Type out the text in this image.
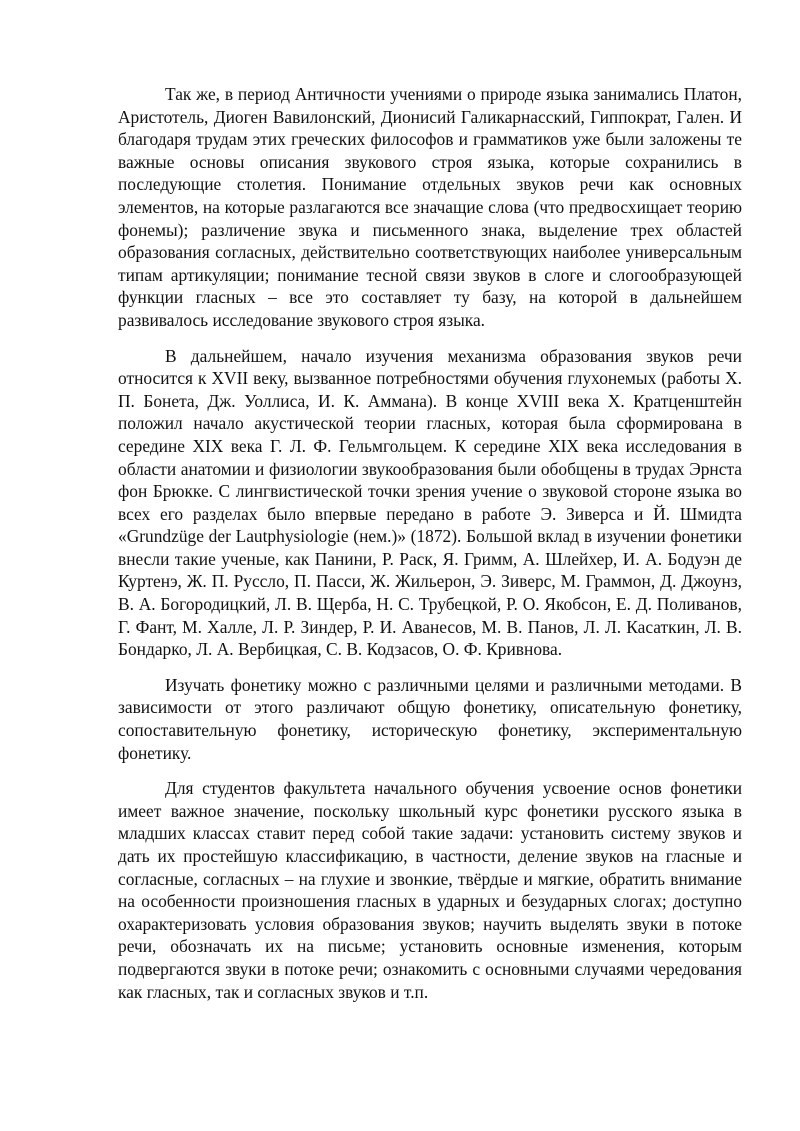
Так же, в период Античности учениями о природе языка занимались Платон, Аристотель, Диоген Вавилонский, Дионисий Галикарнасский, Гиппократ, Гален. И благодаря трудам этих греческих философов и грамматиков уже были заложены те важные основы описания звукового строя языка, которые сохранились в последующие столетия. Понимание отдельных звуков речи как основных элементов, на которые разлагаются все значащие слова (что предвосхищает теорию фонемы); различение звука и письменного знака, выделение трех областей образования согласных, действительно соответствующих наиболее универсальным типам артикуляции; понимание тесной связи звуков в слоге и слогообразующей функции гласных – все это составляет ту базу, на которой в дальнейшем развивалось исследование звукового строя языка.

В дальнейшем, начало изучения механизма образования звуков речи относится к XVII веку, вызванное потребностями обучения глухонемых (работы Х. П. Бонета, Дж. Уоллиса, И. К. Аммана). В конце XVIII века Х. Кратценштейн положил начало акустической теории гласных, которая была сформирована в середине XIX века Г. Л. Ф. Гельмгольцем. К середине XIX века исследования в области анатомии и физиологии звукообразования были обобщены в трудах Эрнста фон Брюкке. С лингвистической точки зрения учение о звуковой стороне языка во всех его разделах было впервые передано в работе Э. Зиверса и Й. Шмидта «Grundzüge der Lautphysiologie (нем.)» (1872). Большой вклад в изучении фонетики внесли такие ученые, как Панини, Р. Раск, Я. Гримм, А. Шлейхер, И. А. Бодуэн де Куртенэ, Ж. П. Руссло, П. Пасси, Ж. Жильерон, Э. Зиверс, М. Граммон, Д. Джоунз, В. А. Богородицкий, Л. В. Щерба, Н. С. Трубецкой, Р. О. Якобсон, Е. Д. Поливанов, Г. Фант, М. Халле, Л. Р. Зиндер, Р. И. Аванесов, М. В. Панов, Л. Л. Касаткин, Л. В. Бондарко, Л. А. Вербицкая, С. В. Кодзасов, О. Ф. Кривнова.

Изучать фонетику можно с различными целями и различными методами. В зависимости от этого различают общую фонетику, описательную фонетику, сопоставительную фонетику, историческую фонетику, экспериментальную фонетику.

Для студентов факультета начального обучения усвоение основ фонетики имеет важное значение, поскольку школьный курс фонетики русского языка в младших классах ставит перед собой такие задачи: установить систему звуков и дать их простейшую классификацию, в частности, деление звуков на гласные и согласные, согласных – на глухие и звонкие, твёрдые и мягкие, обратить внимание на особенности произношения гласных в ударных и безударных слогах; доступно охарактеризовать условия образования звуков; научить выделять звуки в потоке речи, обозначать их на письме; установить основные изменения, которым подвергаются звуки в потоке речи; ознакомить с основными случаями чередования как гласных, так и согласных звуков и т.п.
